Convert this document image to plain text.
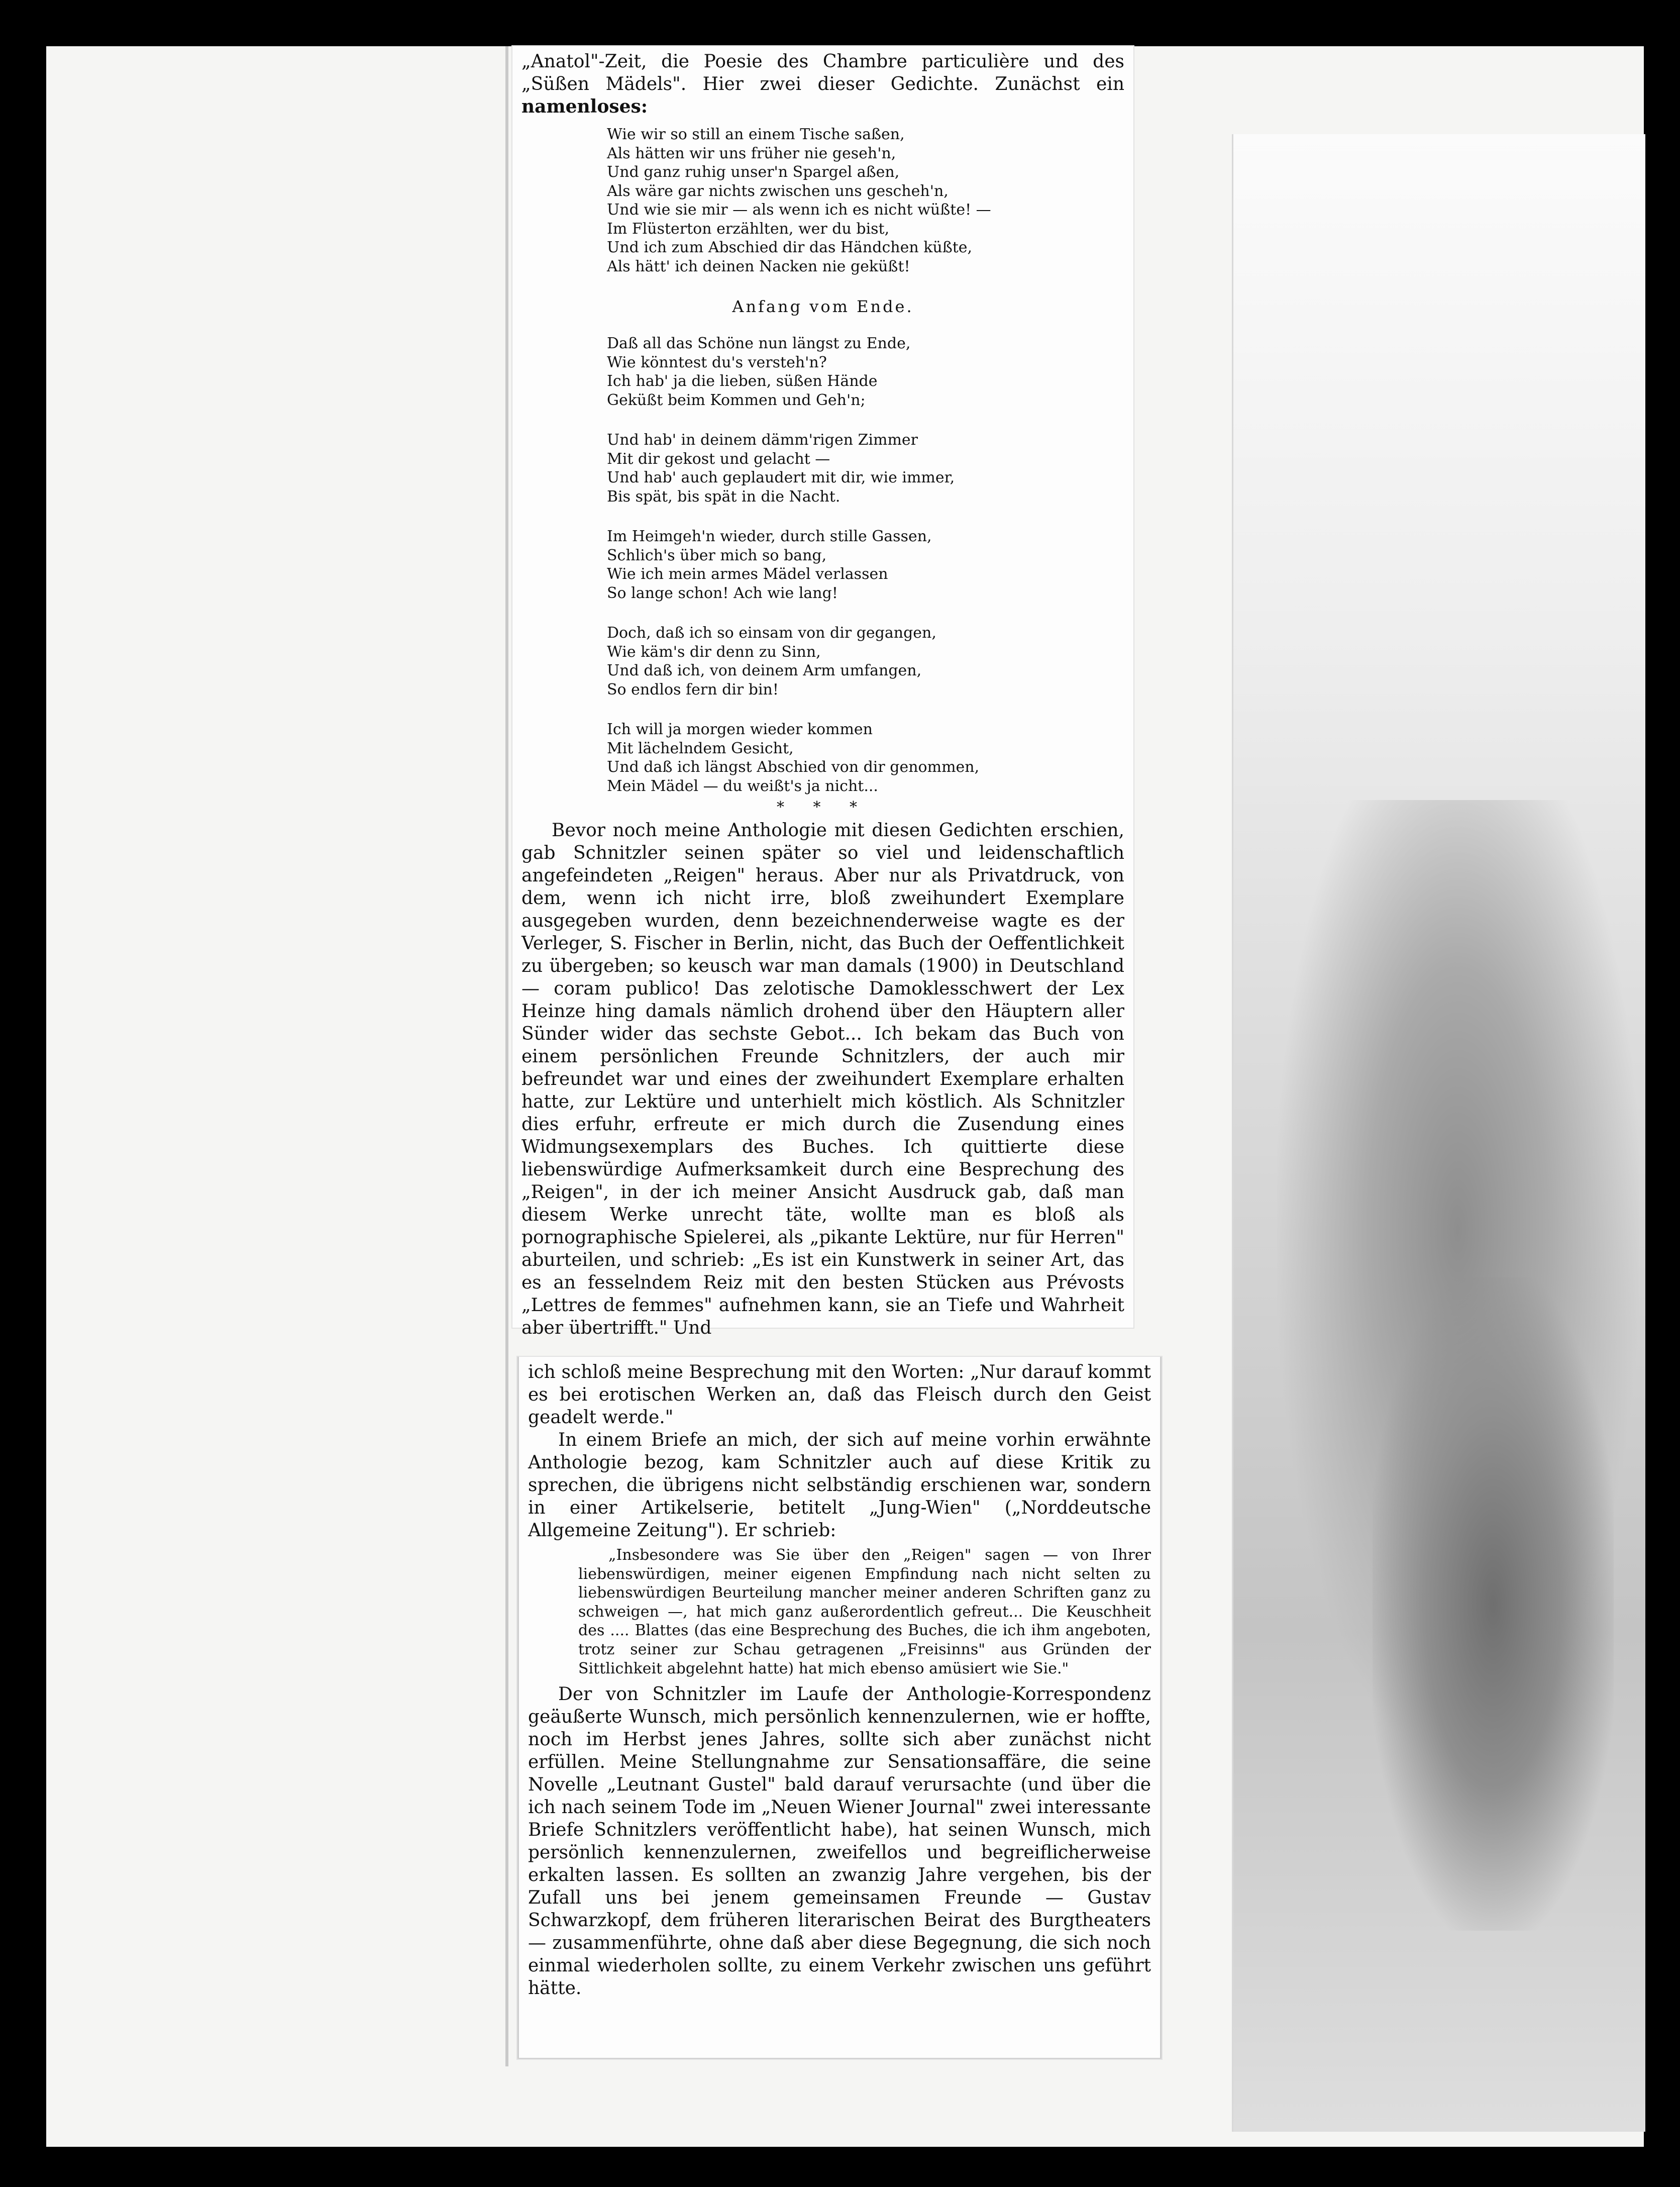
„Anatol"-Zeit, die Poesie des Chambre particulière und des „Süßen Mädels". Hier zwei dieser Gedichte. Zunächst ein namenloses:

Wie wir so still an einem Tische saßen,
Als hätten wir uns früher nie geseh'n,
Und ganz ruhig unser'n Spargel aßen,
Als wäre gar nichts zwischen uns gescheh'n,
Und wie sie mir — als wenn ich es nicht wüßte! —
Im Flüsterton erzählten, wer du bist,
Und ich zum Abschied dir das Händchen küßte,
Als hätt' ich deinen Nacken nie geküßt!
Anfang vom Ende.
Daß all das Schöne nun längst zu Ende,
Wie könntest du's versteh'n?
Ich hab' ja die lieben, süßen Hände
Geküßt beim Kommen und Geh'n;
Und hab' in deinem dämm'rigen Zimmer
Mit dir gekost und gelacht —
Und hab' auch geplaudert mit dir, wie immer,
Bis spät, bis spät in die Nacht.
Im Heimgeh'n wieder, durch stille Gassen,
Schlich's über mich so bang,
Wie ich mein armes Mädel verlassen
So lange schon! Ach wie lang!
Doch, daß ich so einsam von dir gegangen,
Wie käm's dir denn zu Sinn,
Und daß ich, von deinem Arm umfangen,
So endlos fern dir bin!
Ich will ja morgen wieder kommen
Mit lächelndem Gesicht,
Und daß ich längst Abschied von dir genommen,
Mein Mädel — du weißt's ja nicht...
* * *

Bevor noch meine Anthologie mit diesen Gedichten erschien, gab Schnitzler seinen später so viel und leidenschaftlich angefeindeten „Reigen" heraus. Aber nur als Privatdruck, von dem, wenn ich nicht irre, bloß zweihundert Exemplare ausgegeben wurden, denn bezeichnenderweise wagte es der Verleger, S. Fischer in Berlin, nicht, das Buch der Oeffentlichkeit zu übergeben; so keusch war man damals (1900) in Deutschland — coram publico! Das zelotische Damoklesschwert der Lex Heinze hing damals nämlich drohend über den Häuptern aller Sünder wider das sechste Gebot... Ich bekam das Buch von einem persönlichen Freunde Schnitzlers, der auch mir befreundet war und eines der zweihundert Exemplare erhalten hatte, zur Lektüre und unterhielt mich köstlich. Als Schnitzler dies erfuhr, erfreute er mich durch die Zusendung eines Widmungsexemplars des Buches. Ich quittierte diese liebenswürdige Aufmerksamkeit durch eine Besprechung des „Reigen", in der ich meiner Ansicht Ausdruck gab, daß man diesem Werke unrecht täte, wollte man es bloß als pornographische Spielerei, als „pikante Lektüre, nur für Herren" aburteilen, und schrieb: „Es ist ein Kunstwerk in seiner Art, das es an fesselndem Reiz mit den besten Stücken aus Prévosts „Lettres de femmes" aufnehmen kann, sie an Tiefe und Wahrheit aber übertrifft." Und

ich schloß meine Besprechung mit den Worten: „Nur darauf kommt es bei erotischen Werken an, daß das Fleisch durch den Geist geadelt werde."

In einem Briefe an mich, der sich auf meine vorhin erwähnte Anthologie bezog, kam Schnitzler auch auf diese Kritik zu sprechen, die übrigens nicht selbständig erschienen war, sondern in einer Artikelserie, betitelt „Jung-Wien" („Norddeutsche Allgemeine Zeitung"). Er schrieb:

„Insbesondere was Sie über den „Reigen" sagen — von Ihrer liebenswürdigen, meiner eigenen Empfindung nach nicht selten zu liebenswürdigen Beurteilung mancher meiner anderen Schriften ganz zu schweigen —, hat mich ganz außerordentlich gefreut... Die Keuschheit des .... Blattes (das eine Besprechung des Buches, die ich ihm angeboten, trotz seiner zur Schau getragenen „Freisinns" aus Gründen der Sittlichkeit abgelehnt hatte) hat mich ebenso amüsiert wie Sie."

Der von Schnitzler im Laufe der Anthologie-Korrespondenz geäußerte Wunsch, mich persönlich kennenzulernen, wie er hoffte, noch im Herbst jenes Jahres, sollte sich aber zunächst nicht erfüllen. Meine Stellungnahme zur Sensationsaffäre, die seine Novelle „Leutnant Gustel" bald darauf verursachte (und über die ich nach seinem Tode im „Neuen Wiener Journal" zwei interessante Briefe Schnitzlers veröffentlicht habe), hat seinen Wunsch, mich persönlich kennenzulernen, zweifellos und begreiflicherweise erkalten lassen. Es sollten an zwanzig Jahre vergehen, bis der Zufall uns bei jenem gemeinsamen Freunde — Gustav Schwarzkopf, dem früheren literarischen Beirat des Burgtheaters — zusammenführte, ohne daß aber diese Begegnung, die sich noch einmal wiederholen sollte, zu einem Verkehr zwischen uns geführt hätte.
